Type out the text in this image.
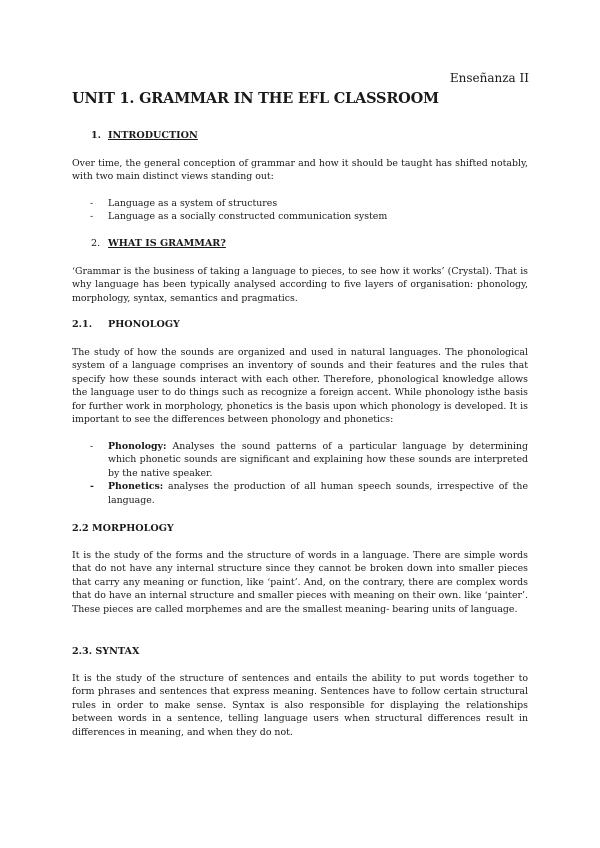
Enseñanza II
UNIT 1. GRAMMAR IN THE EFL CLASSROOM
1. INTRODUCTION

Over time, the general conception of grammar and how it should be taught has shifted notably, with two main distinct views standing out:

- Language as a system of structures
- Language as a socially constructed communication system
2. WHAT IS GRAMMAR?

‘Grammar is the business of taking a language to pieces, to see how it works’ (Crystal). That is why language has been typically analysed according to five layers of organisation: phonology, morphology, syntax, semantics and pragmatics.

2.1. PHONOLOGY

The study of how the sounds are organized and used in natural languages. The phonological system of a language comprises an inventory of sounds and their features and the rules that specify how these sounds interact with each other. Therefore, phonological knowledge allows the language user to do things such as recognize a foreign accent. While phonology isthe basis for further work in morphology, phonetics is the basis upon which phonology is developed. It is important to see the differences between phonology and phonetics:

- Phonology: Analyses the sound patterns of a particular language by determining which phonetic sounds are significant and explaining how these sounds are interpreted by the native speaker.
- Phonetics: analyses the production of all human speech sounds, irrespective of the language.
2.2 MORPHOLOGY

It is the study of the forms and the structure of words in a language. There are simple words that do not have any internal structure since they cannot be broken down into smaller pieces that carry any meaning or function, like ‘paint’. And, on the contrary, there are complex words that do have an internal structure and smaller pieces with meaning on their own. like ‘painter’. These pieces are called morphemes and are the smallest meaning- bearing units of language.

2.3. SYNTAX

It is the study of the structure of sentences and entails the ability to put words together to form phrases and sentences that express meaning. Sentences have to follow certain structural rules in order to make sense. Syntax is also responsible for displaying the relationships between words in a sentence, telling language users when structural differences result in differences in meaning, and when they do not.
